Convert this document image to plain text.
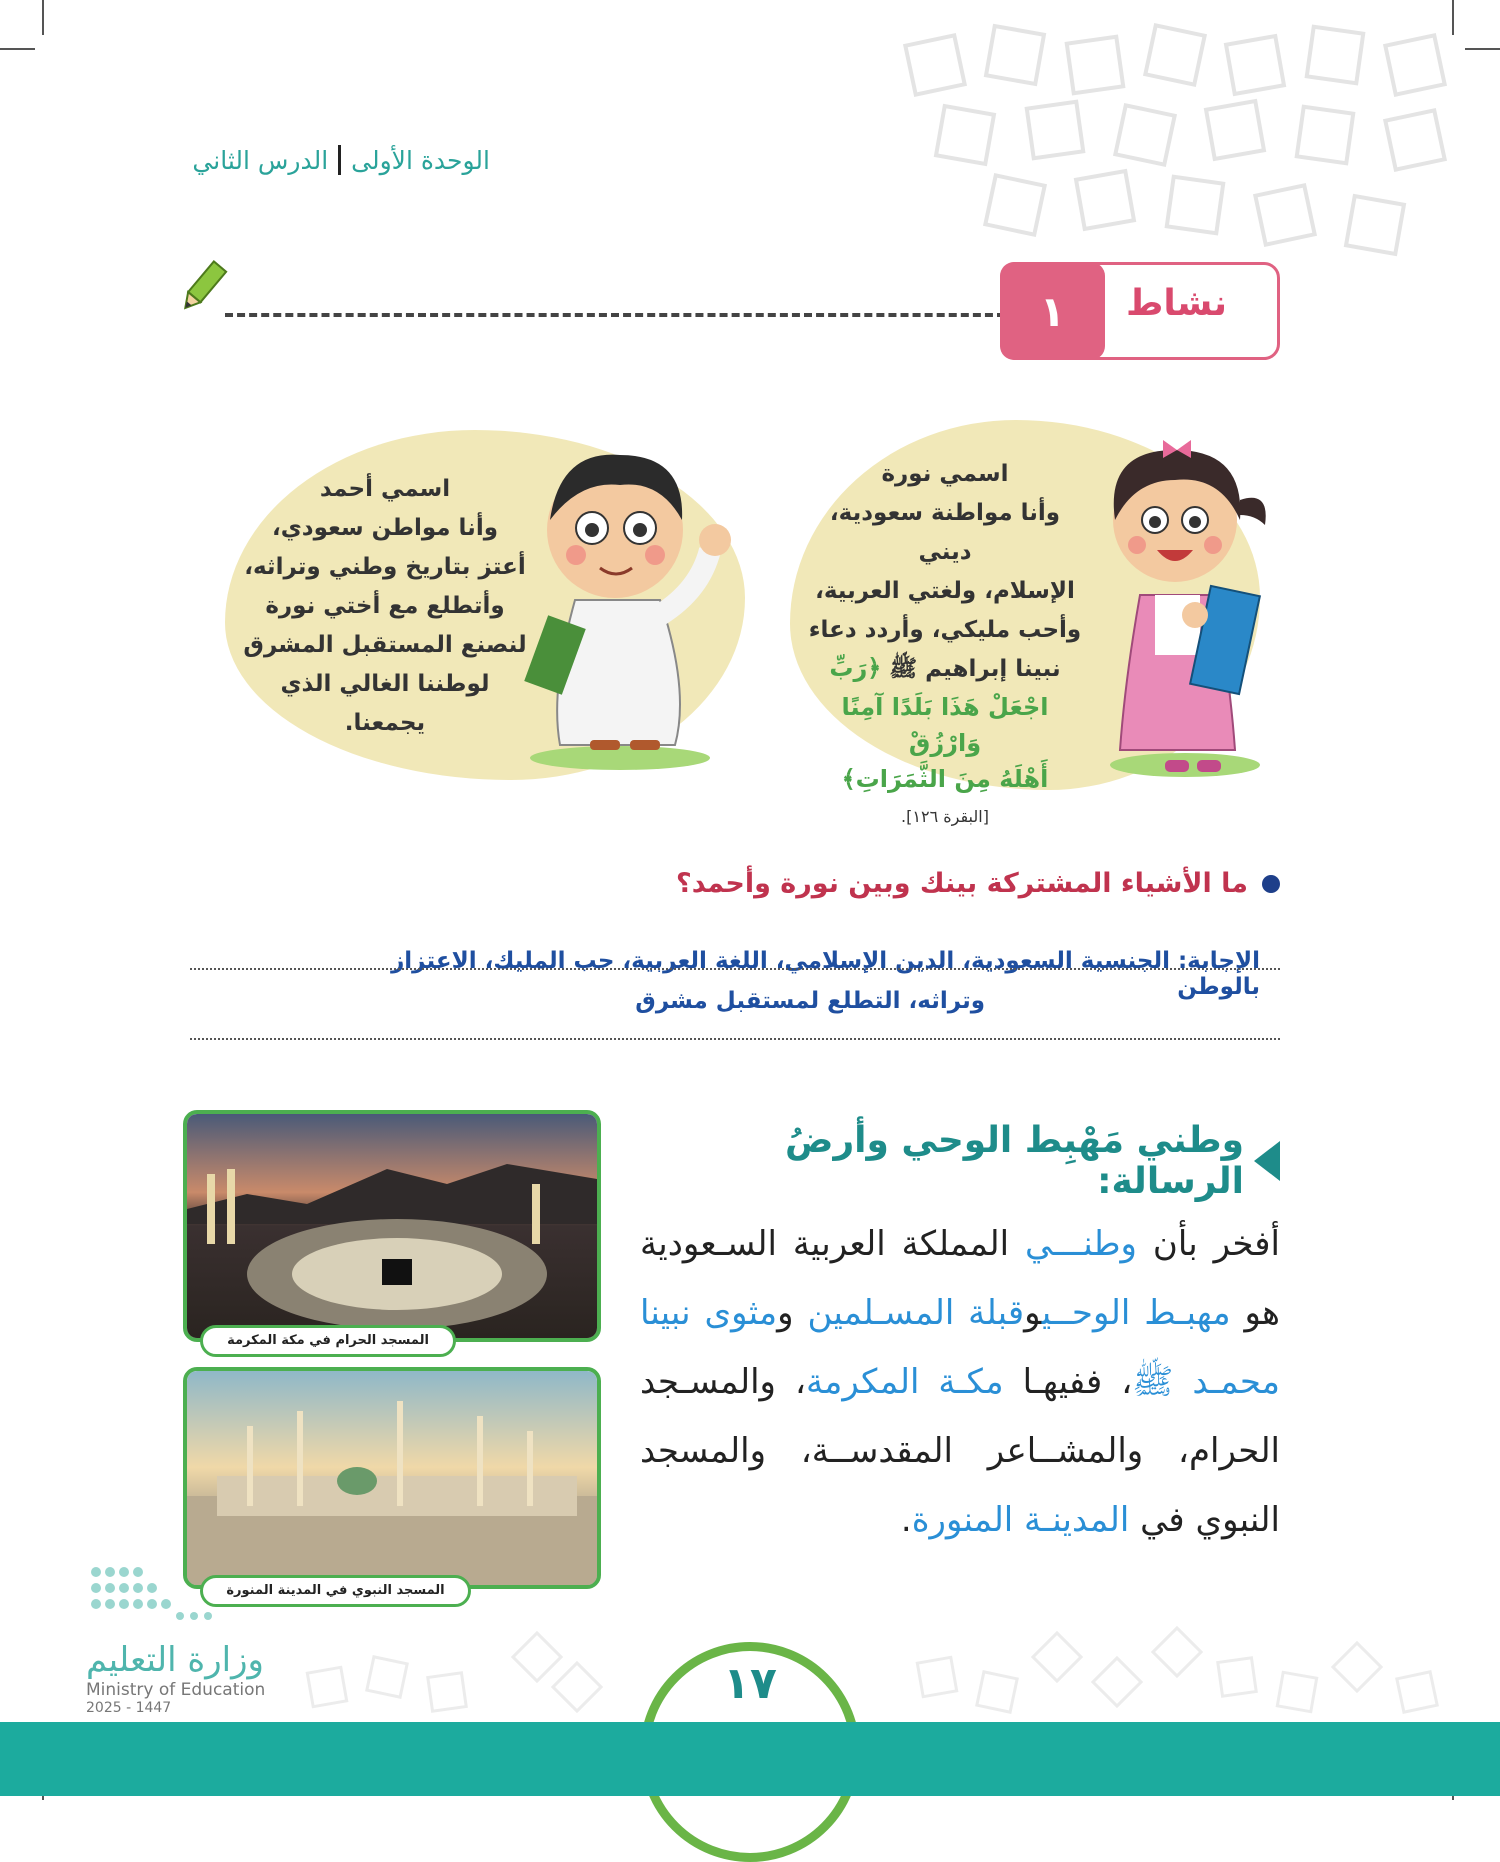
الوحدة الأولى
الدرس الثاني
١	نشاط
اسمي أحمد
وأنا مواطن سعودي،
أعتز بتاريخ وطني وتراثه،
وأتطلع مع أختي نورة
لنصنع المستقبل المشرق
لوطننا الغالي الذي
يجمعنا.
اسمي نورة
وأنا مواطنة سعودية، ديني
الإسلام، ولغتي العربية،
وأحب مليكي، وأردد دعاء
نبينا إبراهيم ﷺ ﴿رَبِّ
اجْعَلْ هَذَا بَلَدًا آمِنًا وَارْزُقْ
أَهْلَهُ مِنَ الثَّمَرَاتِ﴾
[البقرة ١٢٦].
ما الأشياء المشتركة بينك وبين نورة وأحمد؟
الإجابة: الجنسية السعودية، الدين الإسلامي، اللغة العربية، حب المليك، الاعتزاز بالوطن
وتراثه، التطلع لمستقبل مشرق
وطني مَهْبِط الوحي وأرضُ الرسالة:
أفخر بأن وطنـــي المملكة العربية السـعودية هو مهبـط الوحــيوقبلة المسـلمين ومثوى نبينا محمـد ﷺ، ففيهـا مكـة المكرمة، والمسـجد الحرام، والمشــاعر المقدســة، والمسجد النبوي في المدينـة المنورة.
المسجد الحرام في مكة المكرمة
المسجد النبوي في المدينة المنورة
وزارة التعليم
Ministry of Education
2025 - 1447	١٧
